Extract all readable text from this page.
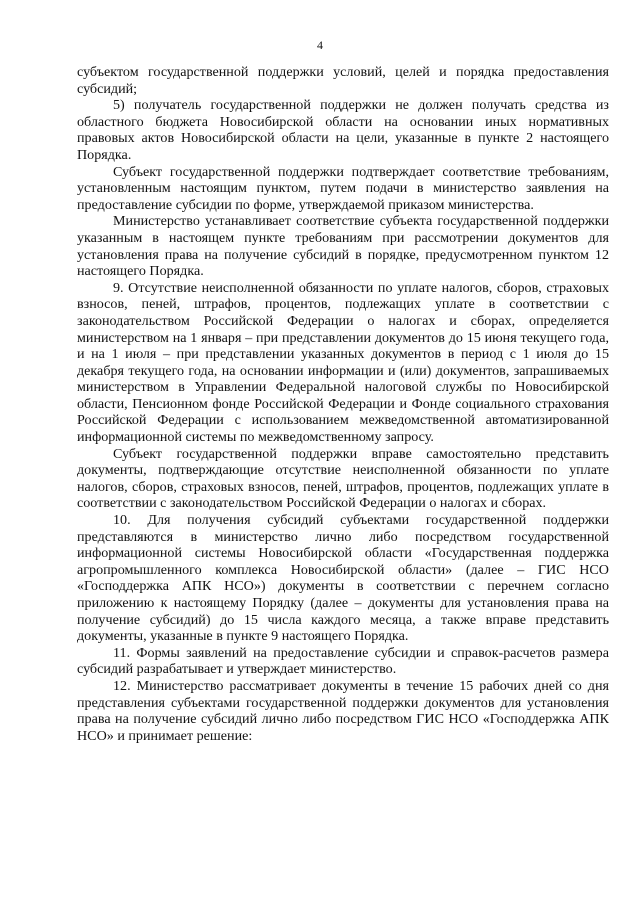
4

субъектом государственной поддержки условий, целей и порядка предоставления субсидий;

5) получатель государственной поддержки не должен получать средства из областного бюджета Новосибирской области на основании иных нормативных правовых актов Новосибирской области на цели, указанные в пункте 2 настоящего Порядка.

Субъект государственной поддержки подтверждает соответствие требованиям, установленным настоящим пунктом, путем подачи в министерство заявления на предоставление субсидии по форме, утверждаемой приказом министерства.

Министерство устанавливает соответствие субъекта государственной поддержки указанным в настоящем пункте требованиям при рассмотрении документов для установления права на получение субсидий в порядке, предусмотренном пунктом 12 настоящего Порядка.

9. Отсутствие неисполненной обязанности по уплате налогов, сборов, страховых взносов, пеней, штрафов, процентов, подлежащих уплате в соответствии с законодательством Российской Федерации о налогах и сборах, определяется министерством на 1 января – при представлении документов до 15 июня текущего года, и на 1 июля – при представлении указанных документов в период с 1 июля до 15 декабря текущего года, на основании информации и (или) документов, запрашиваемых министерством в Управлении Федеральной налоговой службы по Новосибирской области, Пенсионном фонде Российской Федерации и Фонде социального страхования Российской Федерации с использованием межведомственной автоматизированной информационной системы по межведомственному запросу.

Субъект государственной поддержки вправе самостоятельно представить документы, подтверждающие отсутствие неисполненной обязанности по уплате налогов, сборов, страховых взносов, пеней, штрафов, процентов, подлежащих уплате в соответствии с законодательством Российской Федерации о налогах и сборах.

10. Для получения субсидий субъектами государственной поддержки представляются в министерство лично либо посредством государственной информационной системы Новосибирской области «Государственная поддержка агропромышленного комплекса Новосибирской области» (далее – ГИС НСО «Господдержка АПК НСО») документы в соответствии с перечнем согласно приложению к настоящему Порядку (далее – документы для установления права на получение субсидий) до 15 числа каждого месяца, а также вправе представить документы, указанные в пункте 9 настоящего Порядка.

11. Формы заявлений на предоставление субсидии и справок-расчетов размера субсидий разрабатывает и утверждает министерство.

12. Министерство рассматривает документы в течение 15 рабочих дней со дня представления субъектами государственной поддержки документов для установления права на получение субсидий лично либо посредством ГИС НСО «Господдержка АПК НСО» и принимает решение:
